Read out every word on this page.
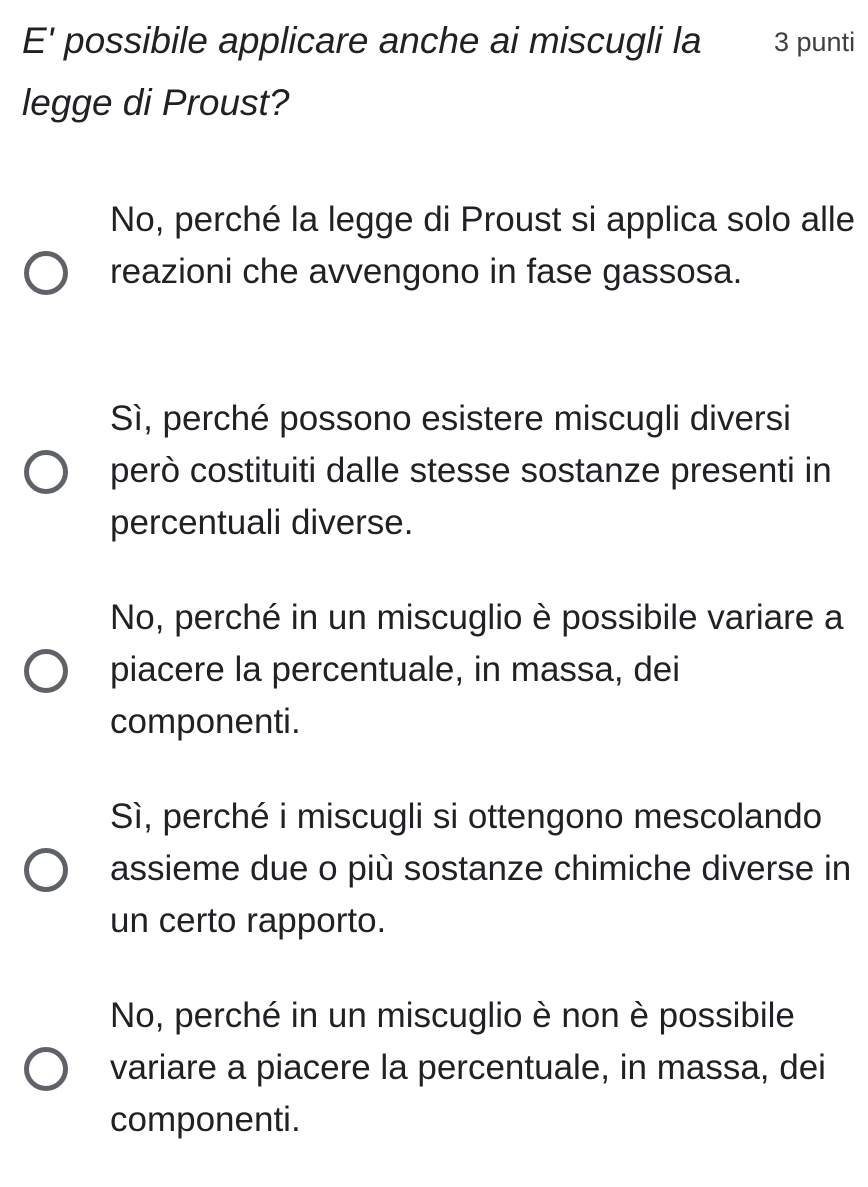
E' possibile applicare anche ai miscugli la legge di Proust?
3 punti
No, perché la legge di Proust si applica solo alle reazioni che avvengono in fase gassosa.
Sì, perché possono esistere miscugli diversi però costituiti dalle stesse sostanze presenti in percentuali diverse.
No, perché in un miscuglio è possibile variare a piacere la percentuale, in massa, dei componenti.
Sì, perché i miscugli si ottengono mescolando assieme due o più sostanze chimiche diverse in un certo rapporto.
No, perché in un miscuglio è non è possibile variare a piacere la percentuale, in massa, dei componenti.
